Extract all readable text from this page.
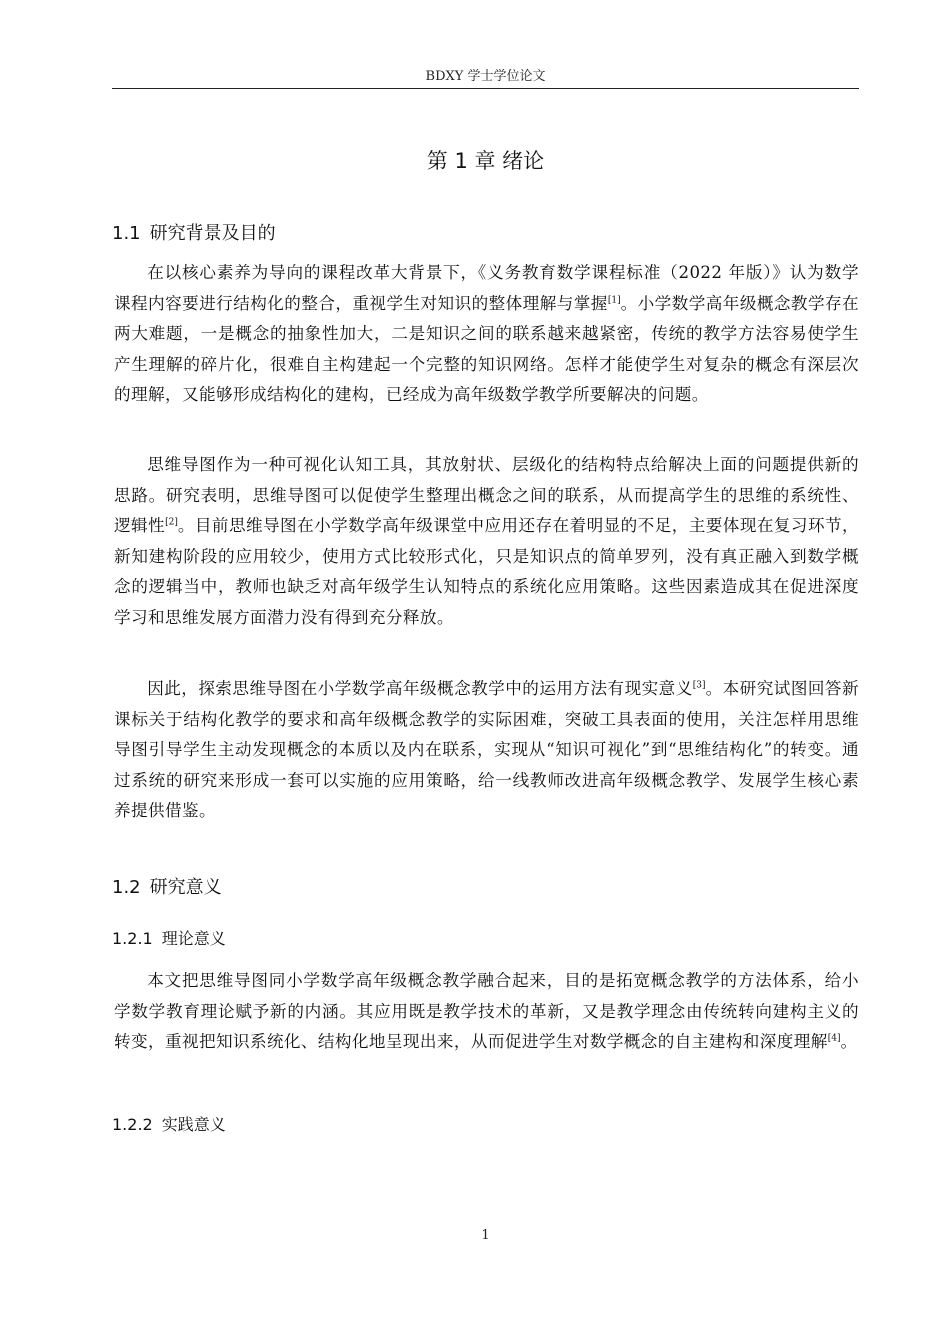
BDXY 学士学位论文
第 1 章 绪论
1.1 研究背景及目的

在以核心素养为导向的课程改革大背景下，《义务教育数学课程标准（2022 年版）》认为数学课程内容要进行结构化的整合，重视学生对知识的整体理解与掌握[1]。小学数学高年级概念教学存在两大难题，一是概念的抽象性加大，二是知识之间的联系越来越紧密，传统的教学方法容易使学生产生理解的碎片化，很难自主构建起一个完整的知识网络。怎样才能使学生对复杂的概念有深层次的理解，又能够形成结构化的建构，已经成为高年级数学教学所要解决的问题。

思维导图作为一种可视化认知工具，其放射状、层级化的结构特点给解决上面的问题提供新的思路。研究表明，思维导图可以促使学生整理出概念之间的联系，从而提高学生的思维的系统性、逻辑性[2]。目前思维导图在小学数学高年级课堂中应用还存在着明显的不足，主要体现在复习环节，新知建构阶段的应用较少，使用方式比较形式化，只是知识点的简单罗列，没有真正融入到数学概念的逻辑当中，教师也缺乏对高年级学生认知特点的系统化应用策略。这些因素造成其在促进深度学习和思维发展方面潜力没有得到充分释放。

因此，探索思维导图在小学数学高年级概念教学中的运用方法有现实意义[3]。本研究试图回答新课标关于结构化教学的要求和高年级概念教学的实际困难，突破工具表面的使用，关注怎样用思维导图引导学生主动发现概念的本质以及内在联系，实现从“知识可视化”到“思维结构化”的转变。通过系统的研究来形成一套可以实施的应用策略，给一线教师改进高年级概念教学、发展学生核心素养提供借鉴。

1.2 研究意义
1.2.1 理论意义

本文把思维导图同小学数学高年级概念教学融合起来，目的是拓宽概念教学的方法体系，给小学数学教育理论赋予新的内涵。其应用既是教学技术的革新，又是教学理念由传统转向建构主义的转变，重视把知识系统化、结构化地呈现出来，从而促进学生对数学概念的自主建构和深度理解[4]。

1.2.2 实践意义
1
